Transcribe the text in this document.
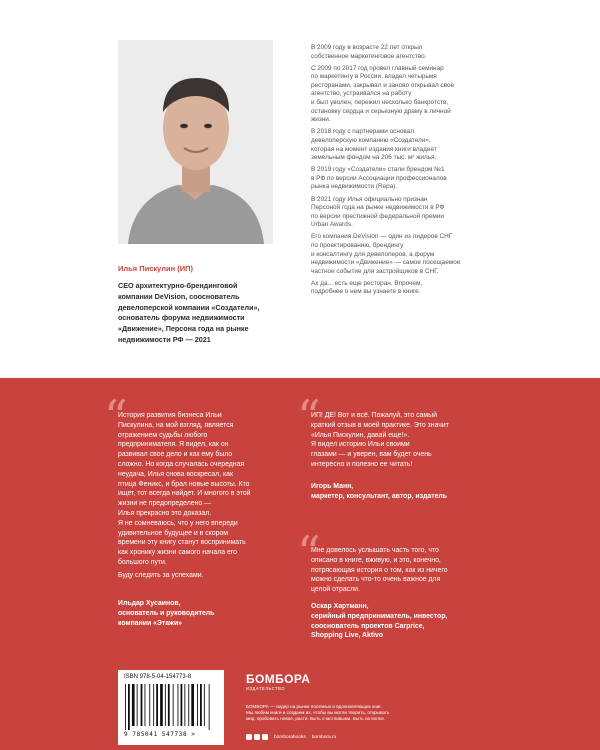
Илья Пискулин (ИП)
CEO архитектурно-брендинговой
компании DeVision, сооснователь
девелоперской компании «Создатели»,
основатель форума недвижимости
«Движение», Персона года на рынке
недвижимости РФ — 2021

В 2009 году в возрасте 22 лет открыл
собственное маркетинговое агентство.

С 2009 по 2017 год провел главный семинар
по маркетингу в России, владел четырьмя
ресторанами, закрывал и заново открывал свое
агентство, устраивался на работу
и был уволен, пережил несколько банкротств,
остановку сердца и серьезную драму в личной
жизни.

В 2018 году с партнерами основал
девелоперскую компанию «Создатели»,
которая на момент издания книги владеет
земельным фондом на 206 тыс. м² жилья.

В 2019 году «Создатели» стали брендом №1
в РФ по версии Ассоциации профессионалов
рынка недвижимости (Repa).

В 2021 году Илья официально признан
Персоной года на рынке недвижимости в РФ
по версии престижной федеральной премии
Urban Awards.

Его компания DeVision — один из лидеров СНГ
по проектированию, брендингу
и консалтингу для девелоперов, а форум
недвижимости «Движение» — самое посещаемое
частное событие для застройщиков в СНГ.

Ах да... есть еще ресторан. Впрочем,
подробнее о нем вы узнаете в книге.

“
История развития бизнеса Ильи
Пискулина, на мой взгляд, является
отражением судьбы любого
предпринимателя. Я видел, как он
развивал свое дело и как ему было
сложно. Но когда случалась очередная
неудача, Илья снова воскресал, как
птица Феникс, и брал новые высоты. Кто
ищет, тот всегда найдет. И многого в этой
жизни не предопределено —
Илья прекрасно это доказал.
Я не сомневаюсь, что у него впереди
удивительное будущее и в скором
времени эту книгу станут воспринимать
как хронику жизни самого начала его
большого пути.
Буду следить за успехами.
Ильдар Хусаинов,
основатель и руководитель
компании «Этажи»
“
ИП! ДЕ! Вот и всё. Пожалуй, это самый
краткий отзыв в моей практике. Это значит
«Илья Пискулин, давай еще!».
Я видел историю Ильи своими
глазами — и уверен, вам будет очень
интересно и полезно ее читать!
Игорь Манн,
маркетер, консультант, автор, издатель
“
Мне довелось услышать часть того, что
описано в книге, вживую, и это, конечно,
потрясающая история о том, как из ничего
можно сделать что-то очень важное для
целой отрасли.
Оскар Хартманн,
серийный предприниматель, инвестор,
сооснователь проектов Carprice,
Shopping Live, Aktivo
ISBN 978-5-04-154773-8
9 785041 547738 >
БОМБОРА
ИЗДАТЕЛЬСТВО
БОМБОРА — лидер на рынке полезных и вдохновляющих книг.
Мы любим книги и создаем их, чтобы вы могли творить, открывать
мир, пробовать новое, расти. Быть счастливыми. Быть на волне.
bomborabooks bombora.ru
